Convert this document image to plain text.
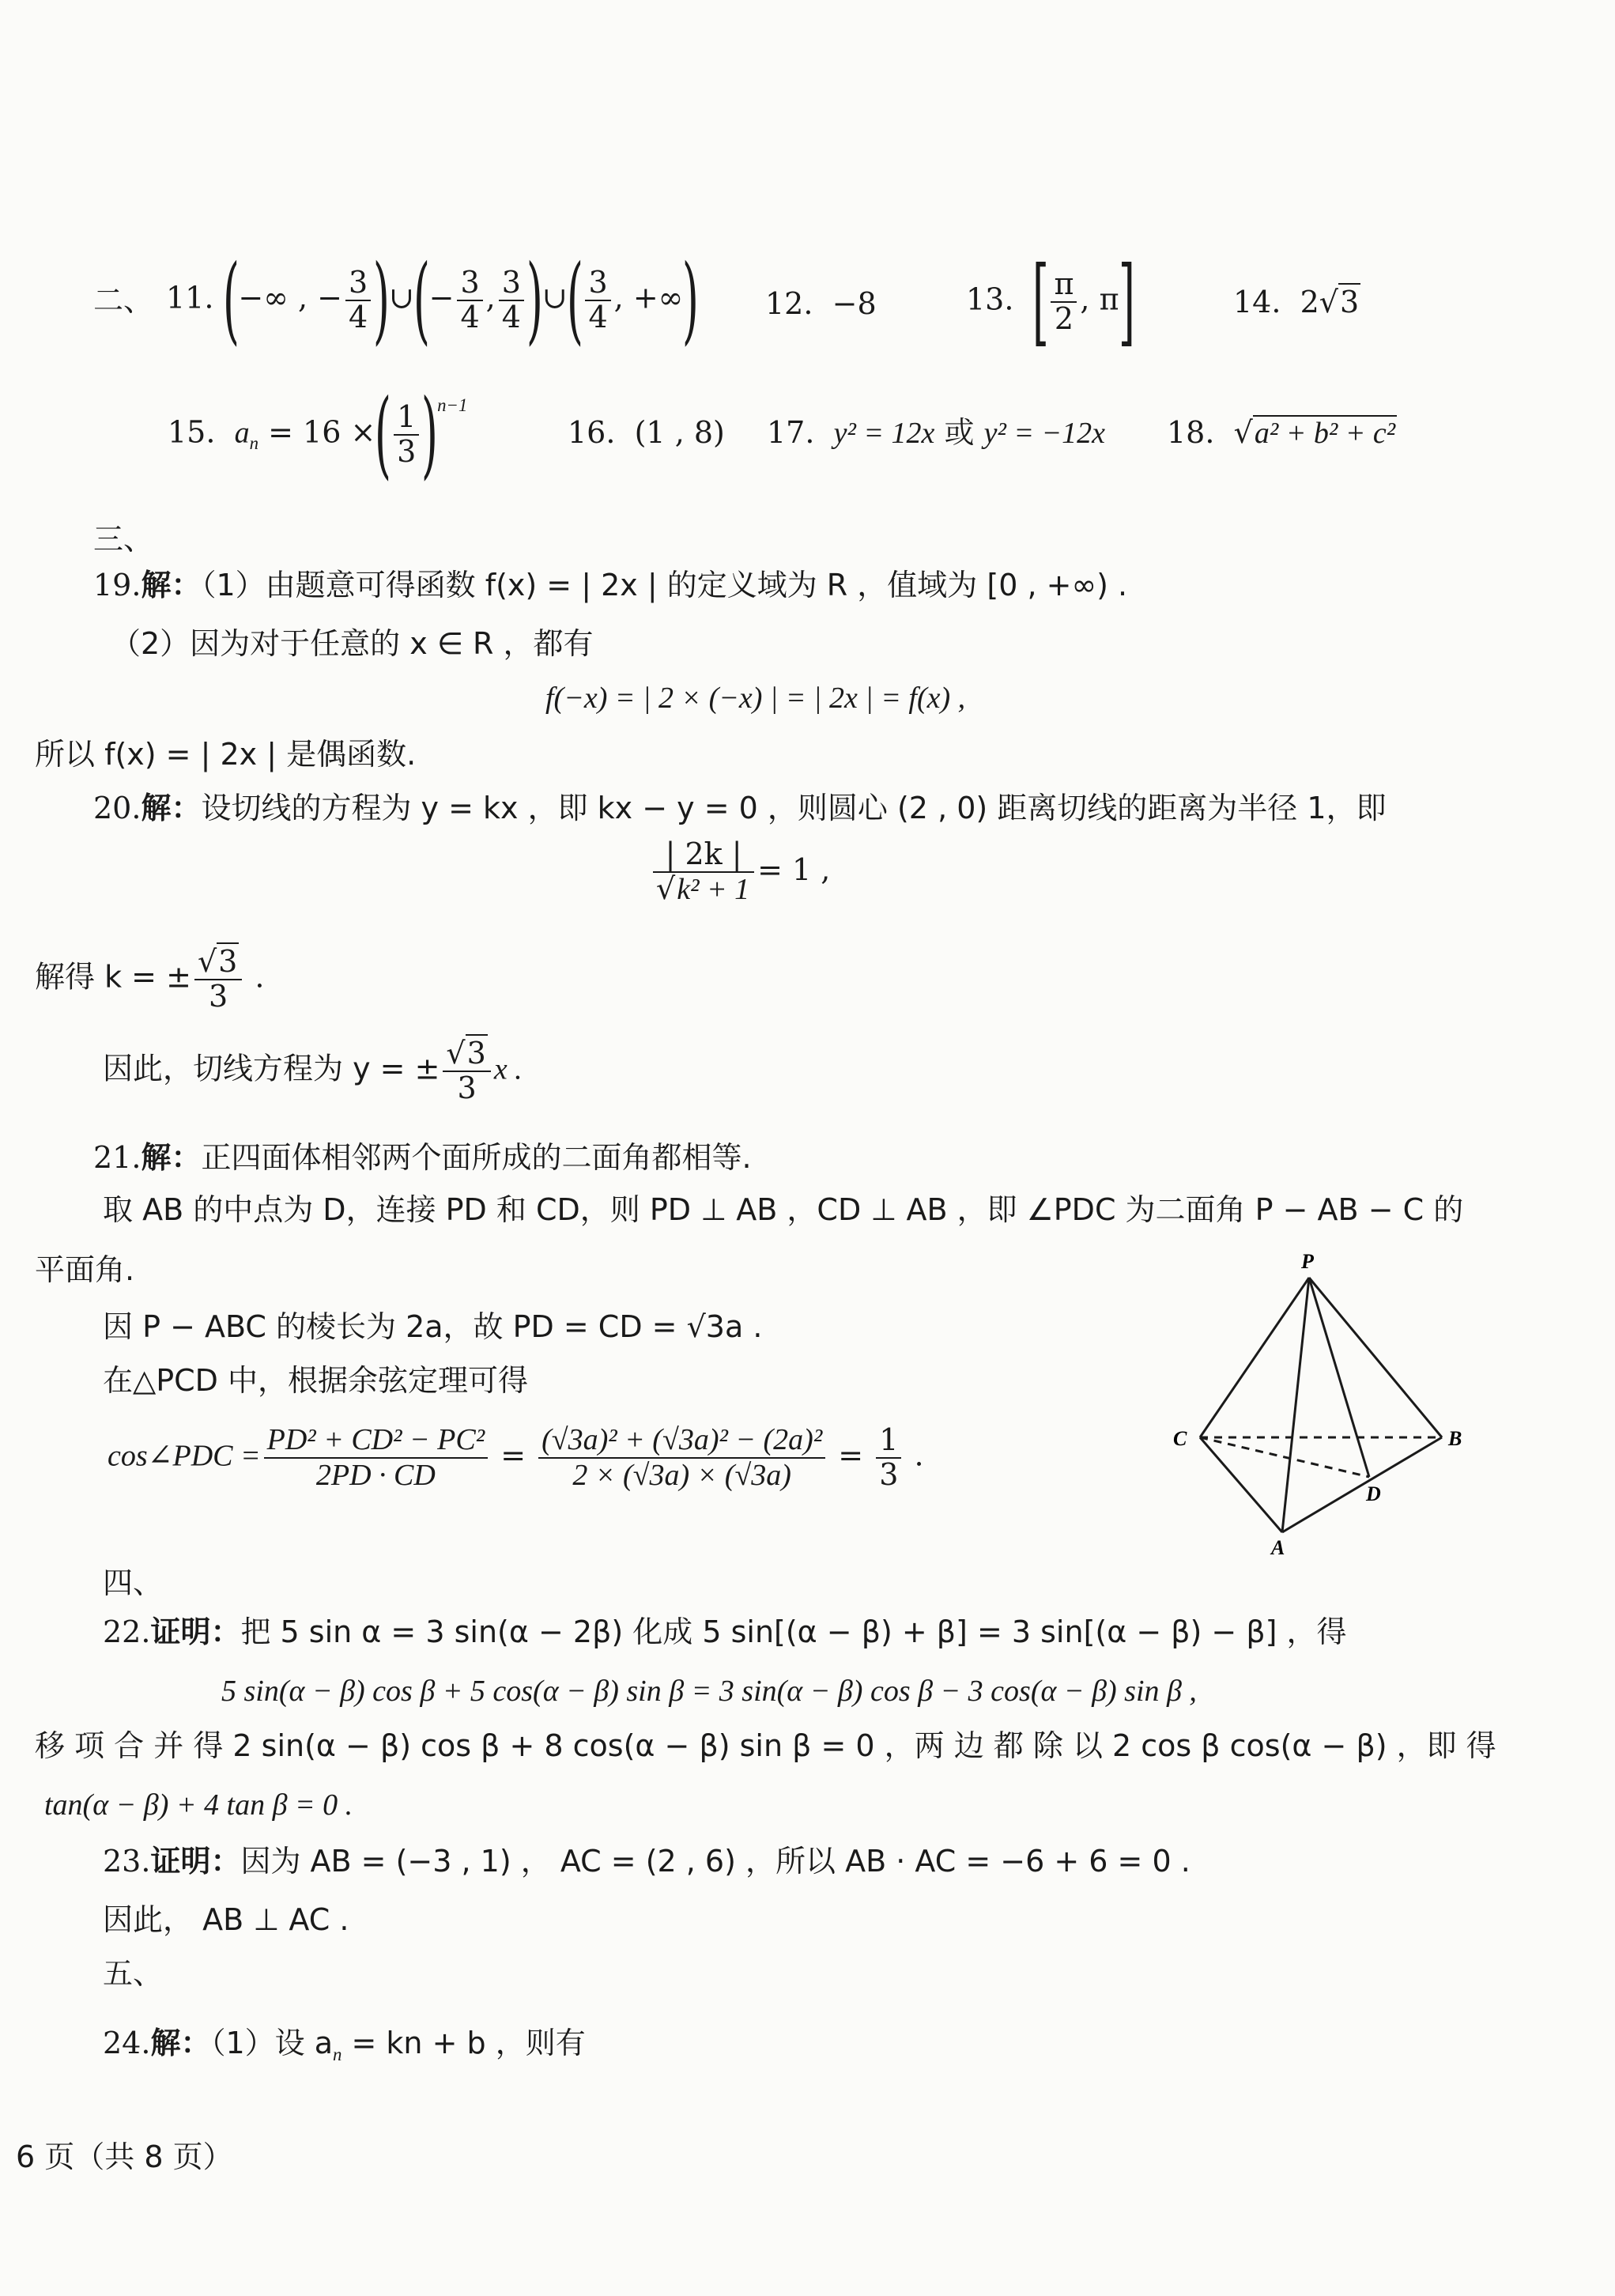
二、 11. (−∞ , − $\frac{3}{4}$ )∪(− $\frac{3}{4}$ , $\frac{3}{4}$ )∪( $\frac{3}{4}$ , +∞) 12. −8	13. [ $\frac{\pi}{2}$ , π]	14. 2√3
15. $a_n = 16$ ×( $\frac{1}{3} )^{n-1}$
16. (1 , 8) 17. y² = 12x 或 y² = −12x 18.  √a² + b² + c²
三、
19.解：（1）由题意可得函数 f(x) = | 2x | 的定义域为 R ，值域为 [0 , +∞) .
（2）因为对于任意的 x ∈ R ，都有
f(−x) = | 2 × (−x) | = | 2x | = f(x) ,
所以 f(x) = | 2x | 是偶函数.
20.解：设切线的方程为 y = kx ，即 kx − y = 0 ，则圆心 (2 , 0) 距离切线的距离为半径 1，即
$\frac{| 2k |}{\text{√k² + 1}} = 1$ ,
解得 k = ± $\frac{√3}{3}$ .
因此，切线方程为 y = ± $\frac{√3}{3}$ x .
21.解：正四面体相邻两个面所成的二面角都相等.
取 AB 的中点为 D，连接 PD 和 CD，则 PD ⊥ AB ，CD ⊥ AB ，即 ∠PDC 为二面角 P − AB − C 的
平面角.
因 P − ABC 的棱长为 2a，故 PD = CD = √3a .
在△PCD 中，根据余弦定理可得
cos∠PDC = $\frac{\text{PD² + CD² − PC²}}{2PD \cdot CD} = \frac{\text{(√3a)² + (√3a)² − (2a)²}}{2 \times (√3a) \times (√3a)} = \frac{1}{3}$ .
P
C	B
D
A
四、
22.证明：把 5 sin α = 3 sin(α − 2β) 化成 5 sin[(α − β) + β] = 3 sin[(α − β) − β] ，得
5 sin(α − β) cos β + 5 cos(α − β) sin β = 3 sin(α − β) cos β − 3 cos(α − β) sin β ,
移 项 合 并 得 2 sin(α − β) cos β + 8 cos(α − β) sin β = 0 ，两 边 都 除 以 2 cos β cos(α − β) ，即 得
tan(α − β) + 4 tan β = 0 .
23.证明：因为 AB = (−3 , 1) ， AC = (2 , 6) ，所以 AB · AC = −6 + 6 = 0 .
因此， AB ⊥ AC .
五、
24.解：（1）设 $a_n$ = kn + b ，则有
6 页（共 8 页）
